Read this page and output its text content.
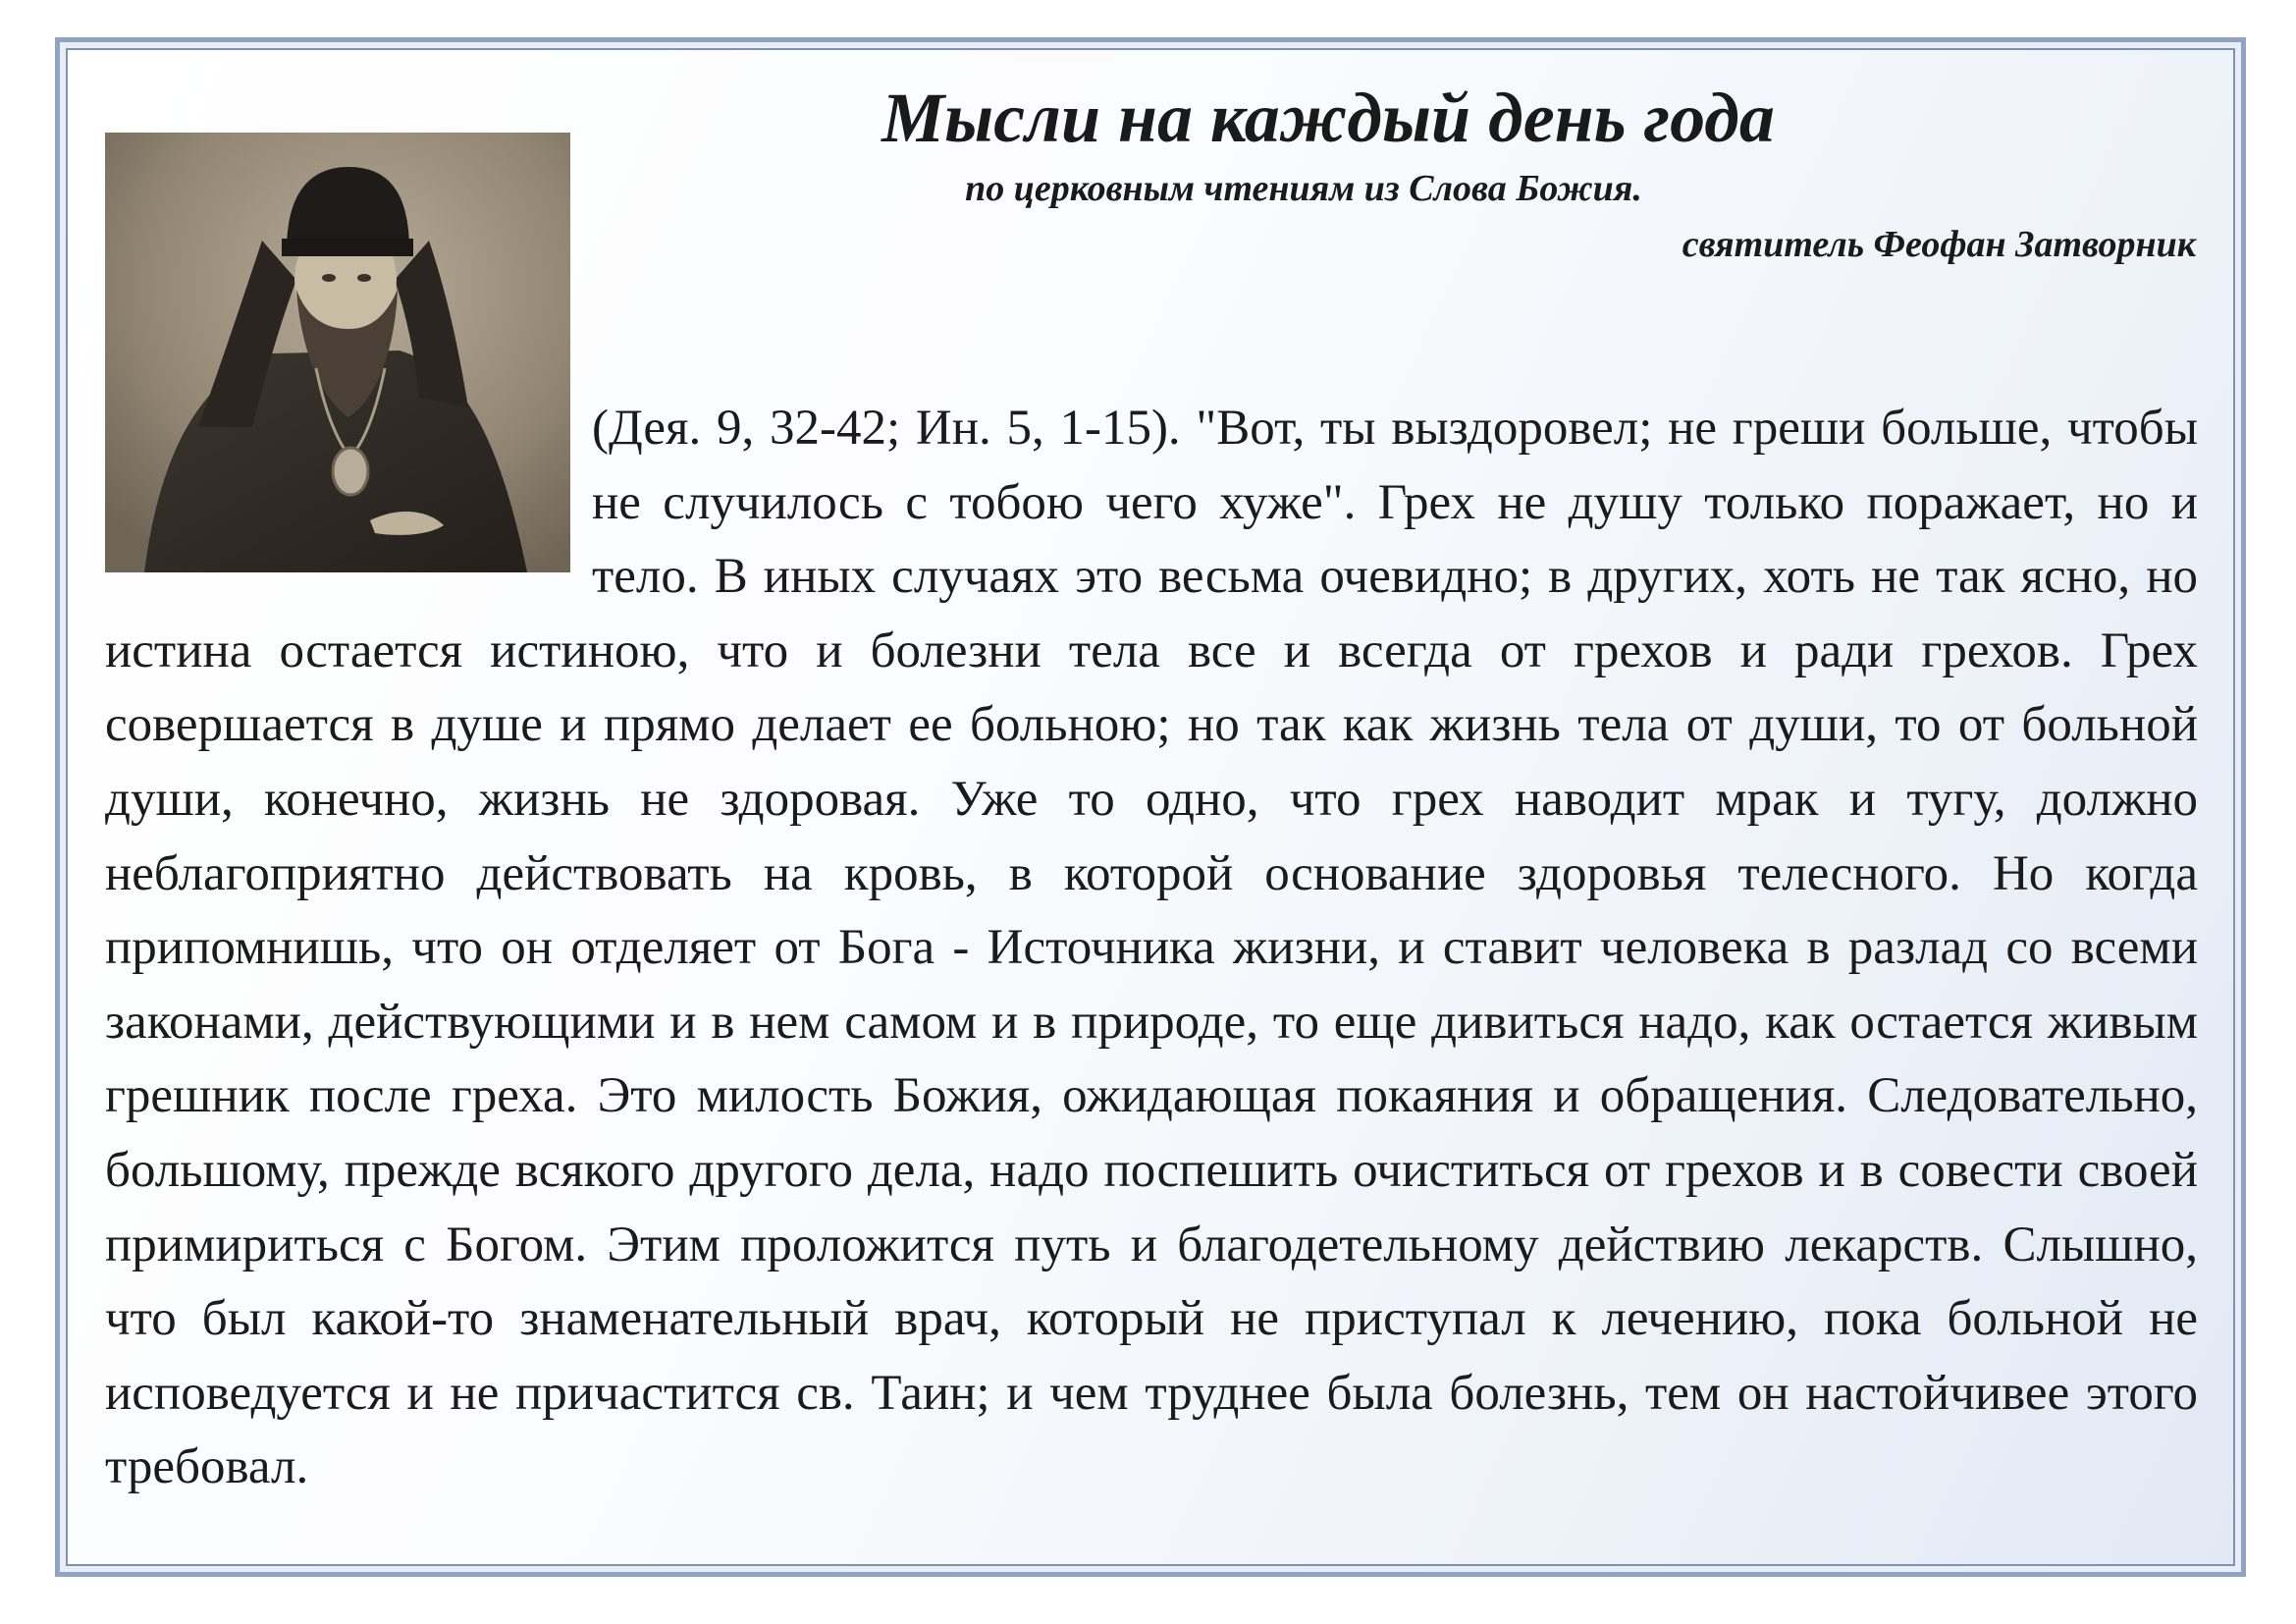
Мысли на каждый день года

по церковным чтениям из Слова Божия.

святитель Феофан Затворник

(Дея. 9, 32-42; Ин. 5, 1-15). "Вот, ты выздоровел; не греши больше, чтобы не случилось с тобою чего хуже". Грех не душу только поражает, но и тело. В иных случаях это весьма очевидно; в других, хоть не так ясно, но истина остается истиною, что и болезни тела все и всегда от грехов и ради грехов. Грех совершается в душе и прямо делает ее больною; но так как жизнь тела от души, то от больной души, конечно, жизнь не здоровая. Уже то одно, что грех наводит мрак и тугу, должно неблагоприятно действовать на кровь, в которой основание здоровья телесного. Но когда припомнишь, что он отделяет от Бога - Источника жизни, и ставит человека в разлад со всеми законами, действующими и в нем самом и в природе, то еще дивиться надо, как остается живым грешник после греха. Это милость Божия, ожидающая покаяния и обращения. Следовательно, большому, прежде всякого другого дела, надо поспешить очиститься от грехов и в совести своей примириться с Богом. Этим проложится путь и благодетельному действию лекарств. Слышно, что был какой-то знаменательный врач, который не приступал к лечению, пока больной не исповедуется и не причастится св. Таин; и чем труднее была болезнь, тем он настойчивее этого требовал.
